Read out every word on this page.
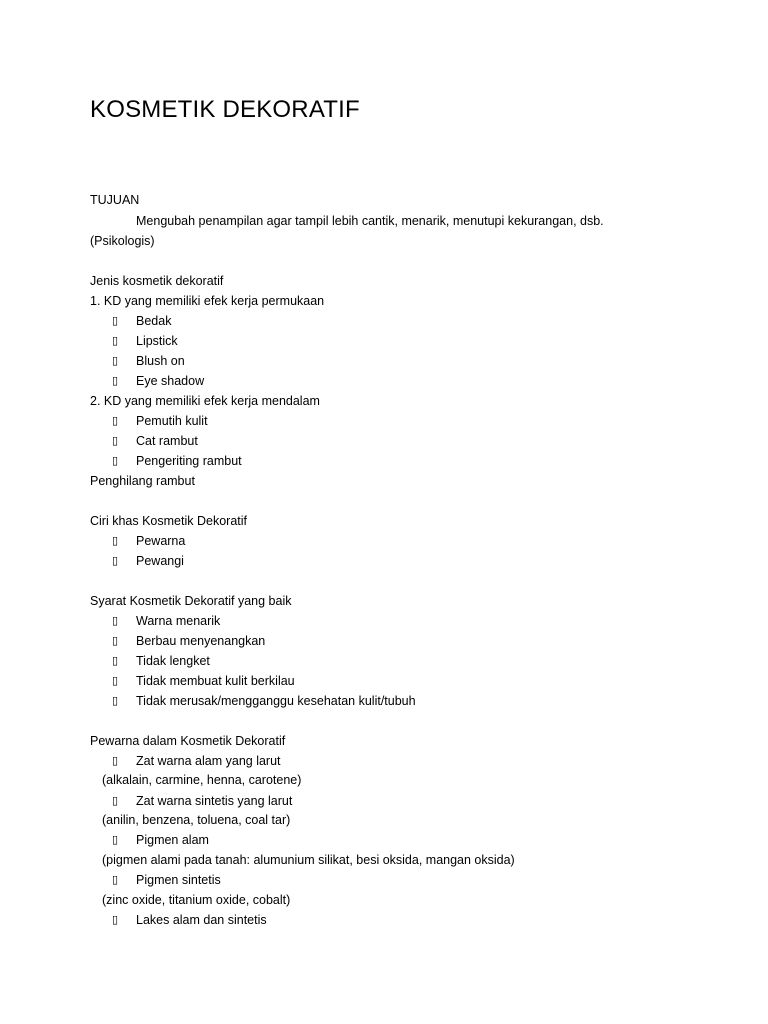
KOSMETIK DEKORATIF
TUJUAN
Mengubah penampilan agar tampil lebih cantik, menarik, menutupi kekurangan, dsb.
(Psikologis)
Jenis kosmetik dekoratif
1. KD yang memiliki efek kerja permukaan
▯ Bedak
▯ Lipstick
▯ Blush on
▯ Eye shadow
2. KD yang memiliki efek kerja mendalam
▯ Pemutih kulit
▯ Cat rambut
▯ Pengeriting rambut
Penghilang rambut
Ciri khas Kosmetik Dekoratif
▯ Pewarna
▯ Pewangi
Syarat Kosmetik Dekoratif yang baik
▯ Warna menarik
▯ Berbau menyenangkan
▯ Tidak lengket
▯ Tidak membuat kulit berkilau
▯ Tidak merusak/mengganggu kesehatan kulit/tubuh
Pewarna dalam Kosmetik Dekoratif
▯ Zat warna alam yang larut
(alkalain, carmine, henna, carotene)
▯ Zat warna sintetis yang larut
(anilin, benzena, toluena, coal tar)
▯ Pigmen alam
(pigmen alami pada tanah: alumunium silikat, besi oksida, mangan oksida)
▯ Pigmen sintetis
(zinc oxide, titanium oxide, cobalt)
▯ Lakes alam dan sintetis
